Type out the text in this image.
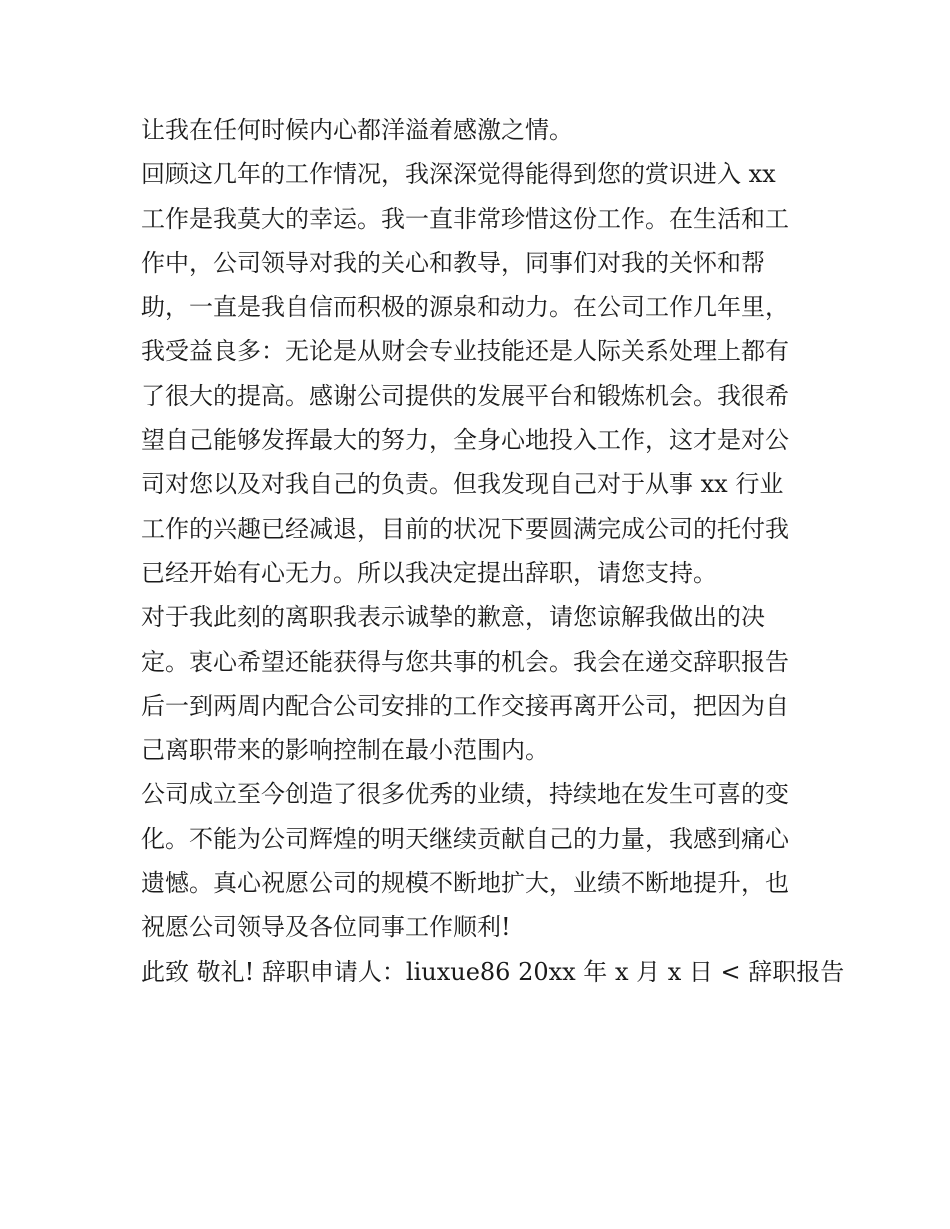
让我在任何时候内心都洋溢着感激之情。
回顾这几年的工作情况，我深深觉得能得到您的赏识进入 xx
工作是我莫大的幸运。我一直非常珍惜这份工作。在生活和工
作中，公司领导对我的关心和教导，同事们对我的关怀和帮
助，一直是我自信而积极的源泉和动力。在公司工作几年里，
我受益良多：无论是从财会专业技能还是人际关系处理上都有
了很大的提高。感谢公司提供的发展平台和锻炼机会。我很希
望自己能够发挥最大的努力，全身心地投入工作，这才是对公
司对您以及对我自己的负责。但我发现自己对于从事 xx 行业
工作的兴趣已经减退，目前的状况下要圆满完成公司的托付我
已经开始有心无力。所以我决定提出辞职，请您支持。
对于我此刻的离职我表示诚挚的歉意，请您谅解我做出的决
定。衷心希望还能获得与您共事的机会。我会在递交辞职报告
后一到两周内配合公司安排的工作交接再离开公司，把因为自
己离职带来的影响控制在最小范围内。
公司成立至今创造了很多优秀的业绩，持续地在发生可喜的变
化。不能为公司辉煌的明天继续贡献自己的力量，我感到痛心
遗憾。真心祝愿公司的规模不断地扩大，业绩不断地提升，也
祝愿公司领导及各位同事工作顺利!
此致 敬礼! 辞职申请人：liuxue86 20xx 年 x 月 x 日 < 辞职报告
